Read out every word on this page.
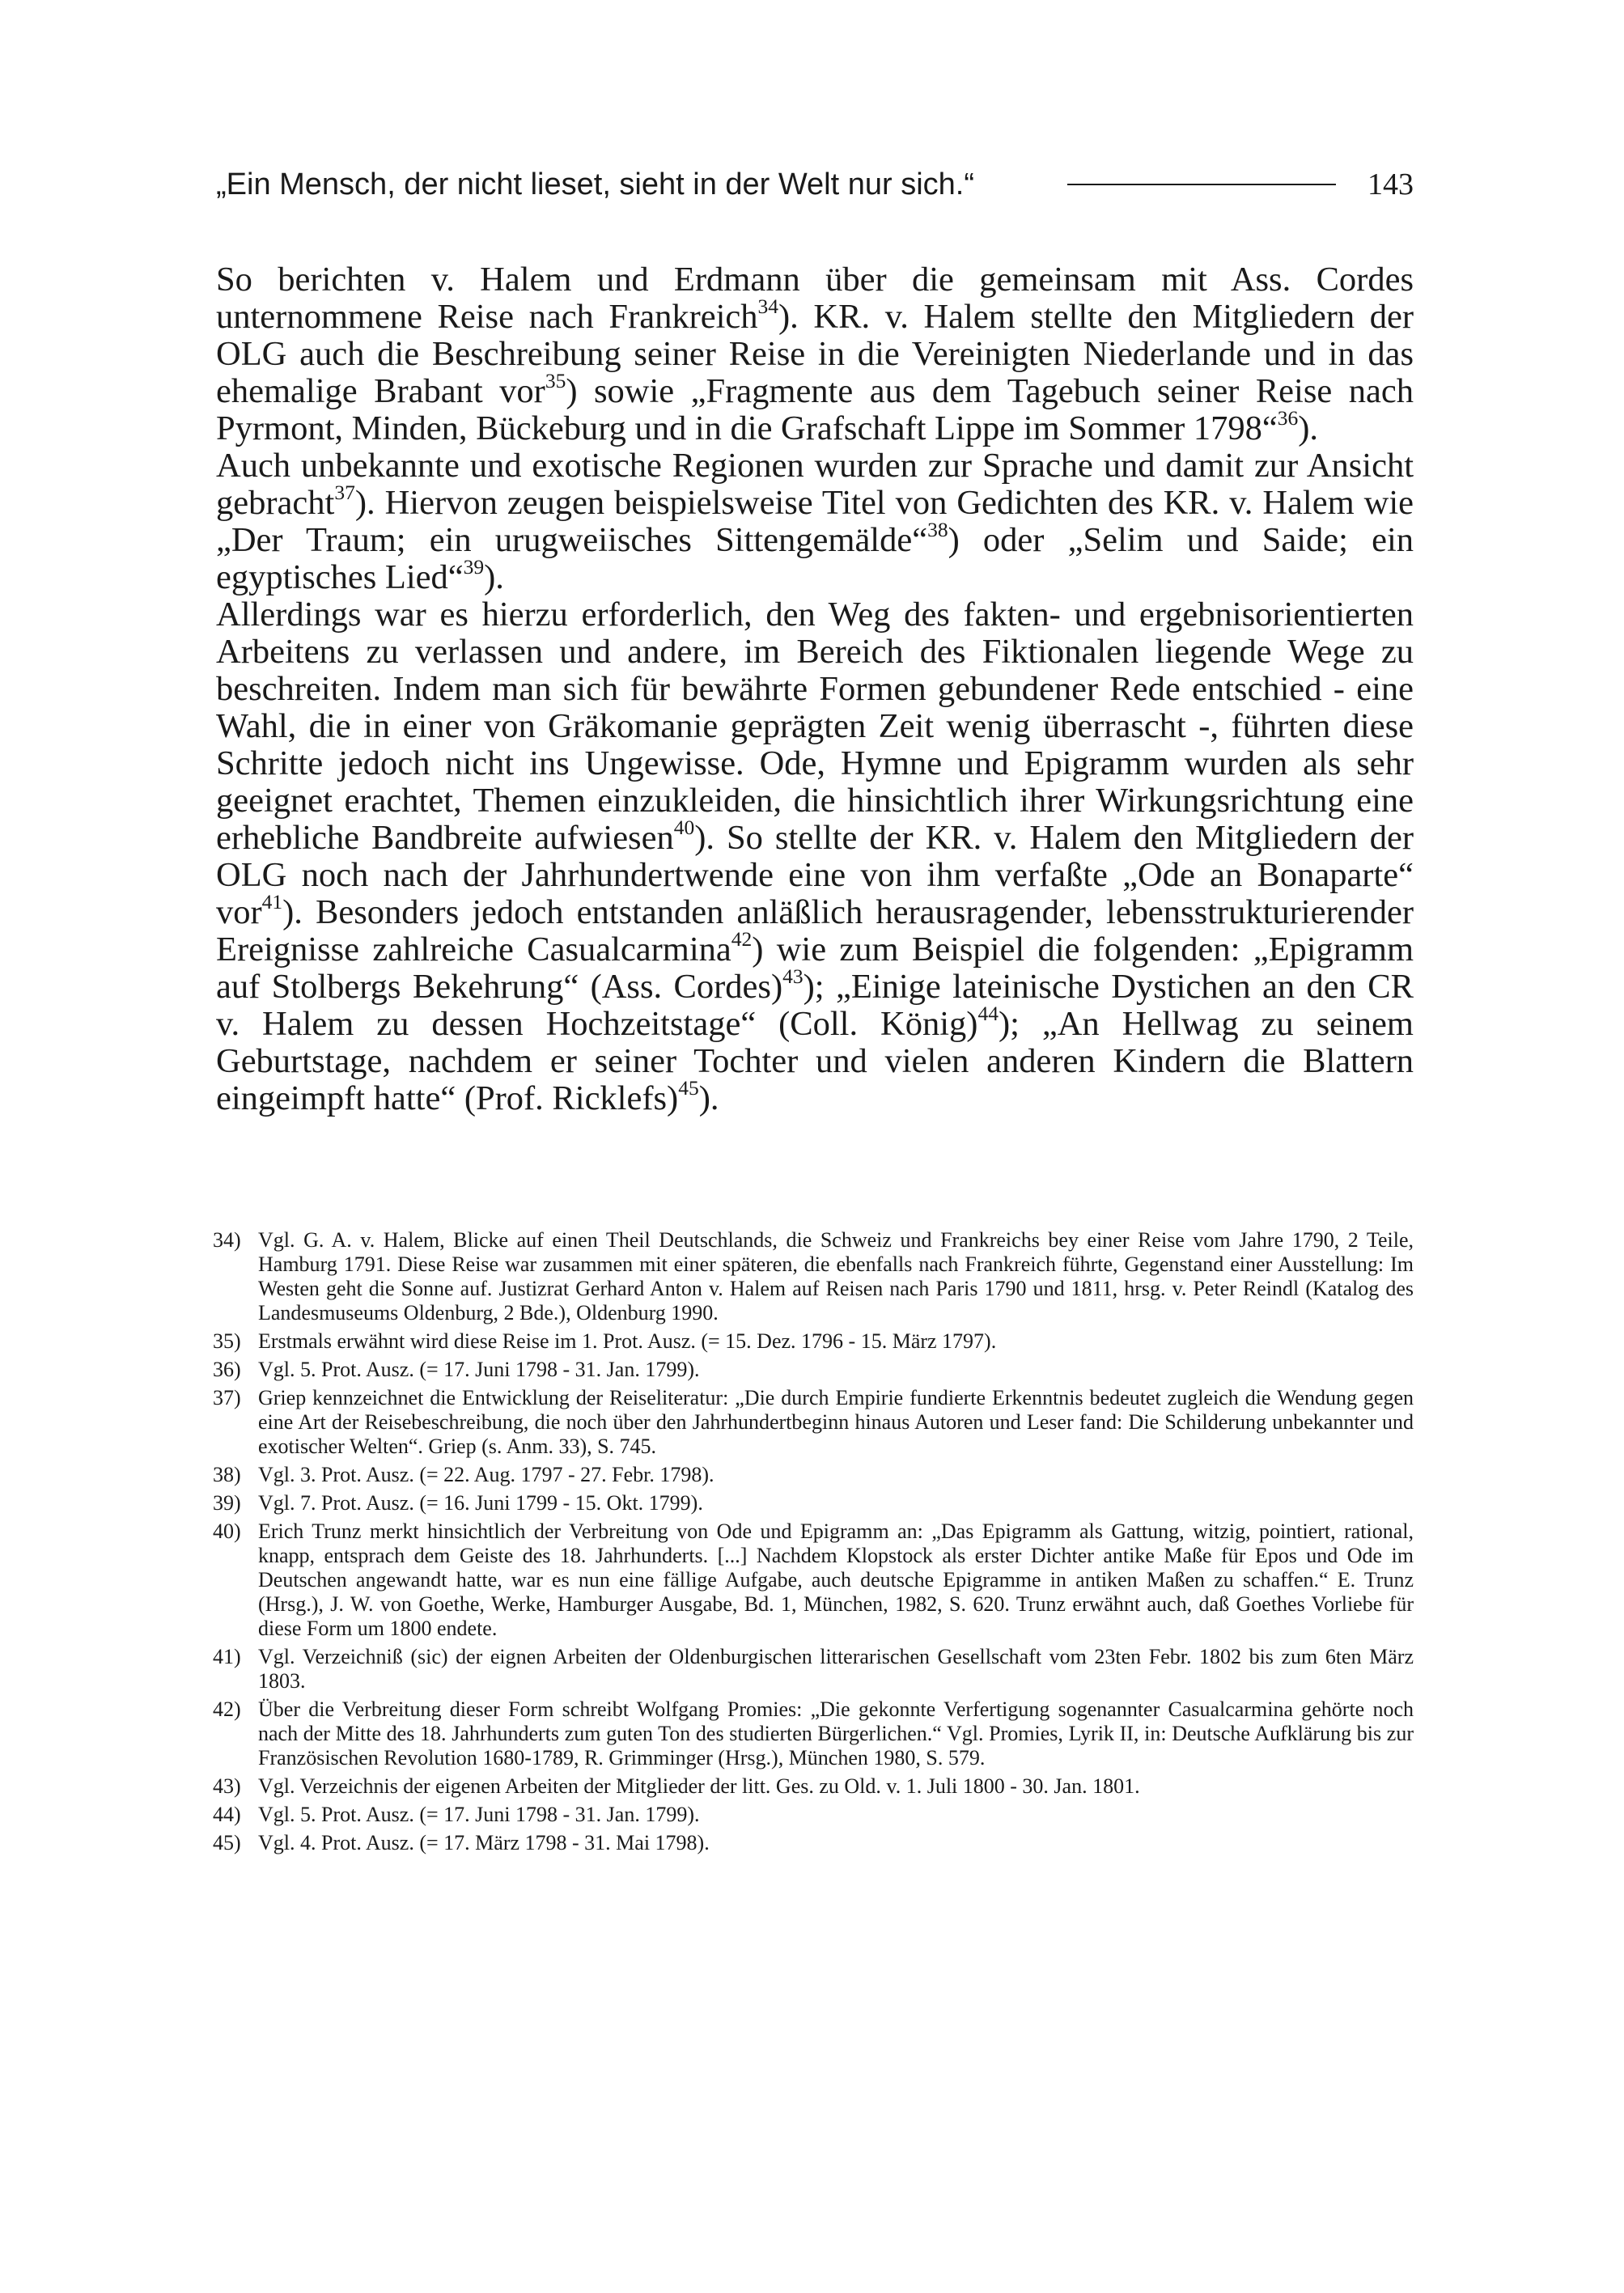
„Ein Mensch, der nicht lieset, sieht in der Welt nur sich.“	143

So berichten v. Halem und Erdmann über die gemeinsam mit Ass. Cordes unternommene Reise nach Frankreich$^{34}$). KR. v. Halem stellte den Mitgliedern der OLG auch die Beschreibung seiner Reise in die Vereinigten Niederlande und in das ehemalige Brabant vor$^{35}$) sowie „Fragmente aus dem Tagebuch seiner Reise nach Pyrmont, Minden, Bückeburg und in die Grafschaft Lippe im Sommer 1798“$^{36}$).

Auch unbekannte und exotische Regionen wurden zur Sprache und damit zur Ansicht gebracht$^{37}$). Hiervon zeugen beispielsweise Titel von Gedichten des KR. v. Halem wie „Der Traum; ein urugweiisches Sittengemälde“$^{38}$) oder „Selim und Saide; ein egyptisches Lied“$^{39}$).

Allerdings war es hierzu erforderlich, den Weg des fakten- und ergebnisorientierten Arbeitens zu verlassen und andere, im Bereich des Fiktionalen liegende Wege zu beschreiten. Indem man sich für bewährte Formen gebundener Rede entschied - eine Wahl, die in einer von Gräkomanie geprägten Zeit wenig überrascht -, führten diese Schritte jedoch nicht ins Ungewisse. Ode, Hymne und Epigramm wurden als sehr geeignet erachtet, Themen einzukleiden, die hinsichtlich ihrer Wirkungsrichtung eine erhebliche Bandbreite aufwiesen$^{40}$). So stellte der KR. v. Halem den Mitgliedern der OLG noch nach der Jahrhundertwende eine von ihm verfaßte „Ode an Bonaparte“ vor$^{41}$). Besonders jedoch entstanden anläßlich herausragender, lebensstrukturierender Ereignisse zahlreiche Casualcarmina$^{42}$) wie zum Beispiel die folgenden: „Epigramm auf Stolbergs Bekehrung“ (Ass. Cordes)$^{43}$); „Einige lateinische Dystichen an den CR v. Halem zu dessen Hochzeitstage“ (Coll. König)$^{44}$); „An Hellwag zu seinem Geburtstage, nachdem er seiner Tochter und vielen anderen Kindern die Blattern eingeimpft hatte“ (Prof. Ricklefs)$^{45}$).

34) Vgl. G. A. v. Halem, Blicke auf einen Theil Deutschlands, die Schweiz und Frankreichs bey einer Reise vom Jahre 1790, 2 Teile, Hamburg 1791. Diese Reise war zusammen mit einer späteren, die ebenfalls nach Frankreich führte, Gegenstand einer Ausstellung: Im Westen geht die Sonne auf. Justizrat Gerhard Anton v. Halem auf Reisen nach Paris 1790 und 1811, hrsg. v. Peter Reindl (Katalog des Landesmuseums Oldenburg, 2 Bde.), Oldenburg 1990.
35) Erstmals erwähnt wird diese Reise im 1. Prot. Ausz. (= 15. Dez. 1796 - 15. März 1797).
36) Vgl. 5. Prot. Ausz. (= 17. Juni 1798 - 31. Jan. 1799).
37) Griep kennzeichnet die Entwicklung der Reiseliteratur: „Die durch Empirie fundierte Erkenntnis bedeutet zugleich die Wendung gegen eine Art der Reisebeschreibung, die noch über den Jahrhundertbeginn hinaus Autoren und Leser fand: Die Schilderung unbekannter und exotischer Welten“. Griep (s. Anm. 33), S. 745.
38) Vgl. 3. Prot. Ausz. (= 22. Aug. 1797 - 27. Febr. 1798).
39) Vgl. 7. Prot. Ausz. (= 16. Juni 1799 - 15. Okt. 1799).
40) Erich Trunz merkt hinsichtlich der Verbreitung von Ode und Epigramm an: „Das Epigramm als Gattung, witzig, pointiert, rational, knapp, entsprach dem Geiste des 18. Jahrhunderts. [...] Nachdem Klopstock als erster Dichter antike Maße für Epos und Ode im Deutschen angewandt hatte, war es nun eine fällige Aufgabe, auch deutsche Epigramme in antiken Maßen zu schaffen.“ E. Trunz (Hrsg.), J. W. von Goethe, Werke, Hamburger Ausgabe, Bd. 1, München, 1982, S. 620. Trunz erwähnt auch, daß Goethes Vorliebe für diese Form um 1800 endete.
41) Vgl. Verzeichniß (sic) der eignen Arbeiten der Oldenburgischen litterarischen Gesellschaft vom 23ten Febr. 1802 bis zum 6ten März 1803.
42) Über die Verbreitung dieser Form schreibt Wolfgang Promies: „Die gekonnte Verfertigung sogenannter Casualcarmina gehörte noch nach der Mitte des 18. Jahrhunderts zum guten Ton des studierten Bürgerlichen.“ Vgl. Promies, Lyrik II, in: Deutsche Aufklärung bis zur Französischen Revolution 1680-1789, R. Grimminger (Hrsg.), München 1980, S. 579.
43) Vgl. Verzeichnis der eigenen Arbeiten der Mitglieder der litt. Ges. zu Old. v. 1. Juli 1800 - 30. Jan. 1801.
44) Vgl. 5. Prot. Ausz. (= 17. Juni 1798 - 31. Jan. 1799).
45) Vgl. 4. Prot. Ausz. (= 17. März 1798 - 31. Mai 1798).
